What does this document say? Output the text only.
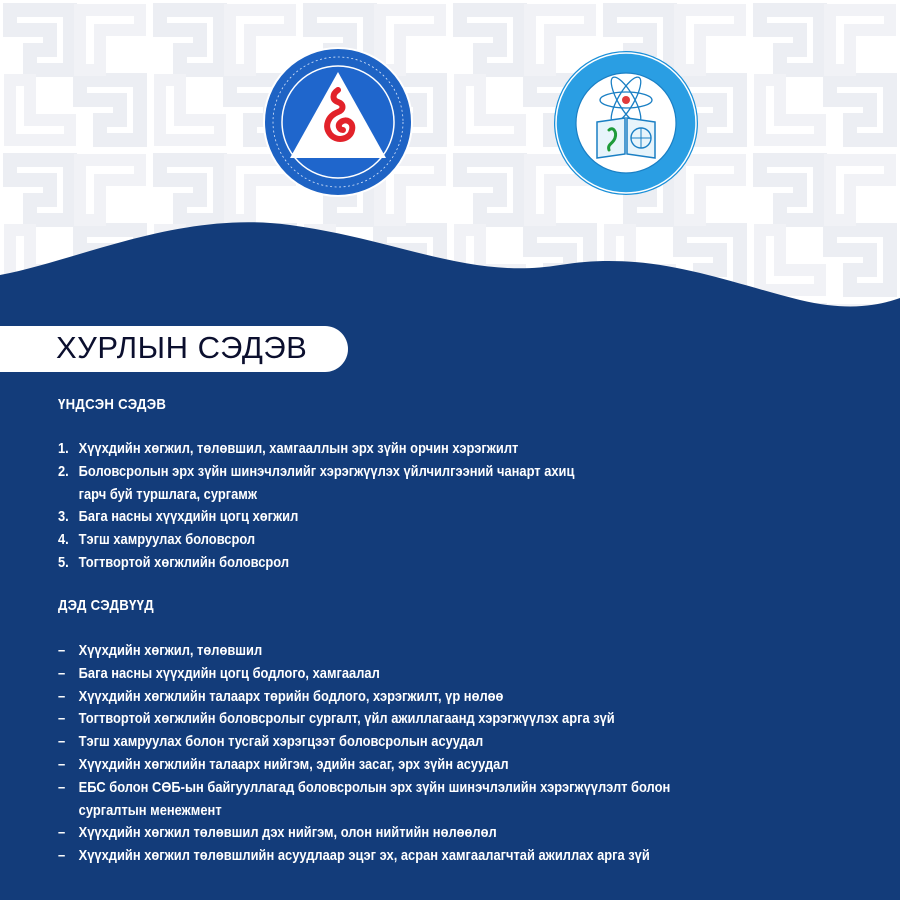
ХУРЛЫН СЭДЭВ
ҮНДСЭН СЭДЭВ
1. Хүүхдийн хөгжил, төлөвшил, хамгааллын эрх зүйн орчин хэрэгжилт
2. Боловсролын эрх зүйн шинэчлэлийг хэрэгжүүлэх үйлчилгээний чанарт ахиц
гарч буй туршлага, сургамж
3. Бага насны хүүхдийн цогц хөгжил
4. Тэгш хамруулах боловсрол
5. Тогтвортой хөгжлийн боловсрол
ДЭД СЭДВҮҮД
– Хүүхдийн хөгжил, төлөвшил
– Бага насны хүүхдийн цогц бодлого, хамгаалал
– Хүүхдийн хөгжлийн талаарх төрийн бодлого, хэрэгжилт, үр нөлөө
– Тогтвортой хөгжлийн боловсролыг сургалт, үйл ажиллагаанд хэрэгжүүлэх арга зүй
– Тэгш хамруулах болон тусгай хэрэгцээт боловсролын асуудал
– Хүүхдийн хөгжлийн талаарх нийгэм, эдийн засаг, эрх зүйн асуудал
– ЕБС болон СӨБ-ын байгууллагад боловсролын эрх зүйн шинэчлэлийн хэрэгжүүлэлт болон
сургалтын менежмент
– Хүүхдийн хөгжил төлөвшил дэх нийгэм, олон нийтийн нөлөөлөл
– Хүүхдийн хөгжил төлөвшлийн асуудлаар эцэг эх, асран хамгаалагчтай ажиллах арга зүй
